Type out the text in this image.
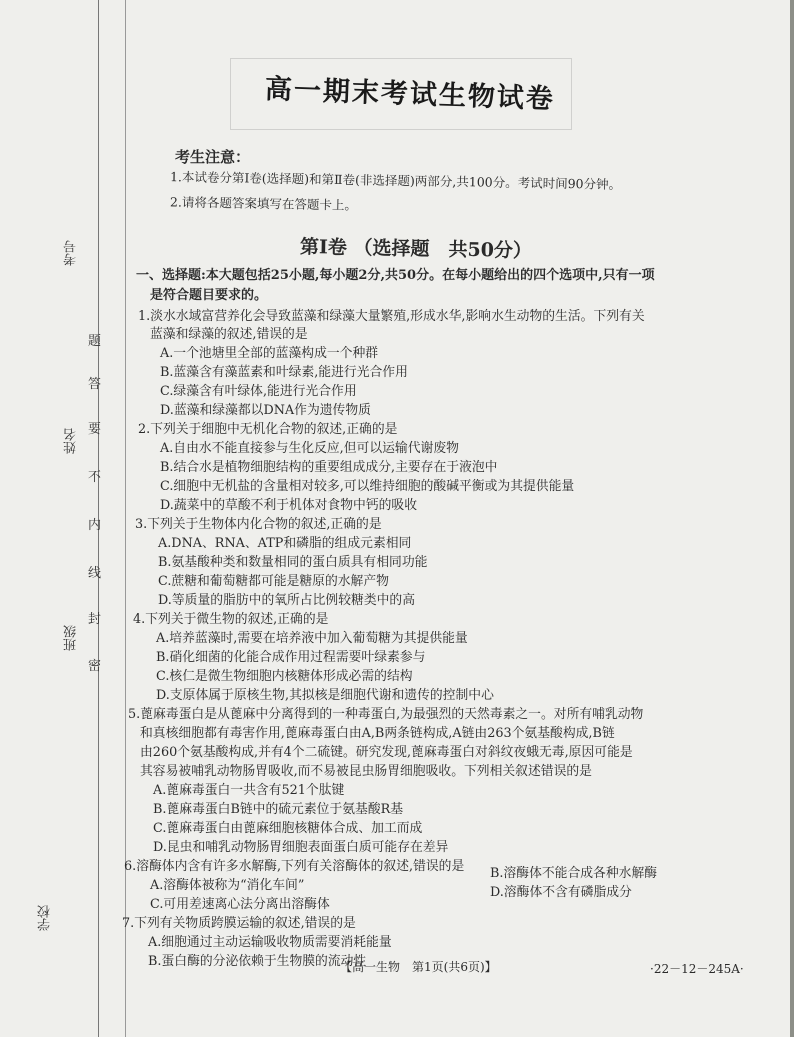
考号
姓名
班级
学校
题
答
要
不
内
线
封
密
高一期末考试生物试卷
考生注意：
1.本试卷分第Ⅰ卷(选择题)和第Ⅱ卷(非选择题)两部分,共100分。考试时间90分钟。
2.请将各题答案填写在答题卡上。
第Ⅰ卷 （选择题　共50分）
一、选择题:本大题包括25小题,每小题2分,共50分。在每小题给出的四个选项中,只有一项
是符合题目要求的。
1.淡水水域富营养化会导致蓝藻和绿藻大量繁殖,形成水华,影响水生动物的生活。下列有关
蓝藻和绿藻的叙述,错误的是
A.一个池塘里全部的蓝藻构成一个种群
B.蓝藻含有藻蓝素和叶绿素,能进行光合作用
C.绿藻含有叶绿体,能进行光合作用
D.蓝藻和绿藻都以DNA作为遗传物质
2.下列关于细胞中无机化合物的叙述,正确的是
A.自由水不能直接参与生化反应,但可以运输代谢废物
B.结合水是植物细胞结构的重要组成成分,主要存在于液泡中
C.细胞中无机盐的含量相对较多,可以维持细胞的酸碱平衡或为其提供能量
D.蔬菜中的草酸不利于机体对食物中钙的吸收
3.下列关于生物体内化合物的叙述,正确的是
A.DNA、RNA、ATP和磷脂的组成元素相同
B.氨基酸种类和数量相同的蛋白质具有相同功能
C.蔗糖和葡萄糖都可能是糖原的水解产物
D.等质量的脂肪中的氧所占比例较糖类中的高
4.下列关于微生物的叙述,正确的是
A.培养蓝藻时,需要在培养液中加入葡萄糖为其提供能量
B.硝化细菌的化能合成作用过程需要叶绿素参与
C.核仁是微生物细胞内核糖体形成必需的结构
D.支原体属于原核生物,其拟核是细胞代谢和遗传的控制中心
5.蓖麻毒蛋白是从蓖麻中分离得到的一种毒蛋白,为最强烈的天然毒素之一。对所有哺乳动物
和真核细胞都有毒害作用,蓖麻毒蛋白由A,B两条链构成,A链由263个氨基酸构成,B链
由260个氨基酸构成,并有4个二硫键。研究发现,蓖麻毒蛋白对斜纹夜蛾无毒,原因可能是
其容易被哺乳动物肠胃吸收,而不易被昆虫肠胃细胞吸收。下列相关叙述错误的是
A.蓖麻毒蛋白一共含有521个肽键
B.蓖麻毒蛋白B链中的硫元素位于氨基酸R基
C.蓖麻毒蛋白由蓖麻细胞核糖体合成、加工而成
D.昆虫和哺乳动物肠胃细胞表面蛋白质可能存在差异
6.溶酶体内含有许多水解酶,下列有关溶酶体的叙述,错误的是
A.溶酶体被称为“消化车间”
B.溶酶体不能合成各种水解酶
C.可用差速离心法分离出溶酶体
D.溶酶体不含有磷脂成分
7.下列有关物质跨膜运输的叙述,错误的是
A.细胞通过主动运输吸收物质需要消耗能量
B.蛋白酶的分泌依赖于生物膜的流动性
【高一生物　第1页(共6页)】	·22－12－245A·
